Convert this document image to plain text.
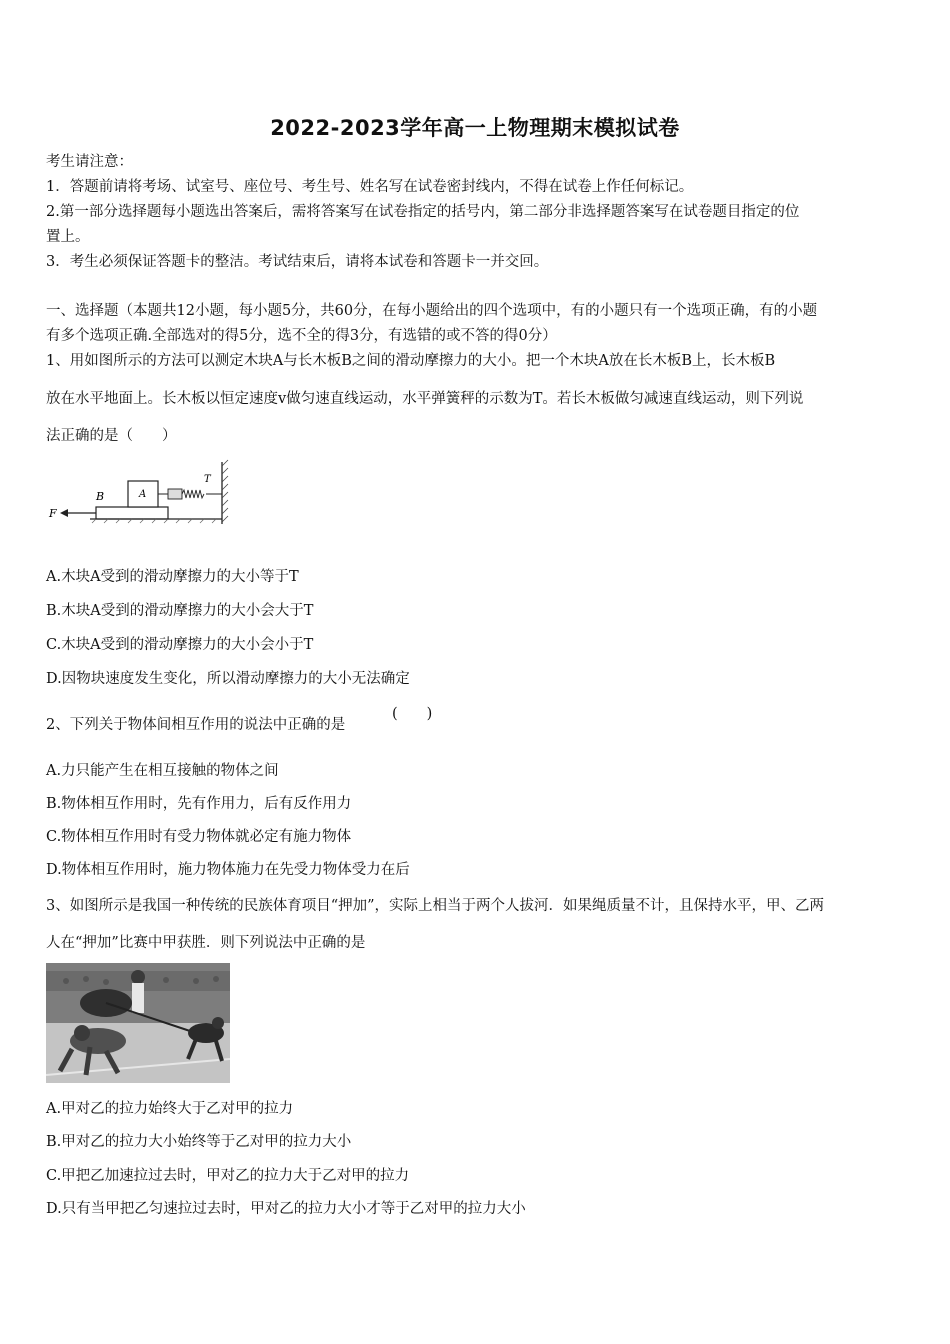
2022-2023学年高一上物理期末模拟试卷
考生请注意：
1．答题前请将考场、试室号、座位号、考生号、姓名写在试卷密封线内，不得在试卷上作任何标记。
2.第一部分选择题每小题选出答案后，需将答案写在试卷指定的括号内，第二部分非选择题答案写在试卷题目指定的位
置上。
3．考生必须保证答题卡的整洁。考试结束后，请将本试卷和答题卡一并交回。
一、选择题（本题共12小题，每小题5分，共60分，在每小题给出的四个选项中，有的小题只有一个选项正确，有的小题
有多个选项正确.全部选对的得5分，选不全的得3分，有选错的或不答的得0分）
1、用如图所示的方法可以测定木块A与长木板B之间的滑动摩擦力的大小。把一个木块A放在长木板B上，长木板B
放在水平地面上。长木板以恒定速度v做匀速直线运动，水平弹簧秤的示数为T。若长木板做匀减速直线运动，则下列说
法正确的是（　　）
F
B	A
T
A.木块A受到的滑动摩擦力的大小等于T
B.木块A受到的滑动摩擦力的大小会大于T
C.木块A受到的滑动摩擦力的大小会小于T
D.因物块速度发生变化，所以滑动摩擦力的大小无法确定
2、下列关于物体间相互作用的说法中正确的是
(　　)
A.力只能产生在相互接触的物体之间
B.物体相互作用时，先有作用力，后有反作用力
C.物体相互作用时有受力物体就必定有施力物体
D.物体相互作用时，施力物体施力在先受力物体受力在后
3、如图所示是我国一种传统的民族体育项目“押加”，实际上相当于两个人拔河．如果绳质量不计，且保持水平，甲、乙两
人在“押加”比赛中甲获胜．则下列说法中正确的是
A.甲对乙的拉力始终大于乙对甲的拉力
B.甲对乙的拉力大小始终等于乙对甲的拉力大小
C.甲把乙加速拉过去时，甲对乙的拉力大于乙对甲的拉力
D.只有当甲把乙匀速拉过去时，甲对乙的拉力大小才等于乙对甲的拉力大小
